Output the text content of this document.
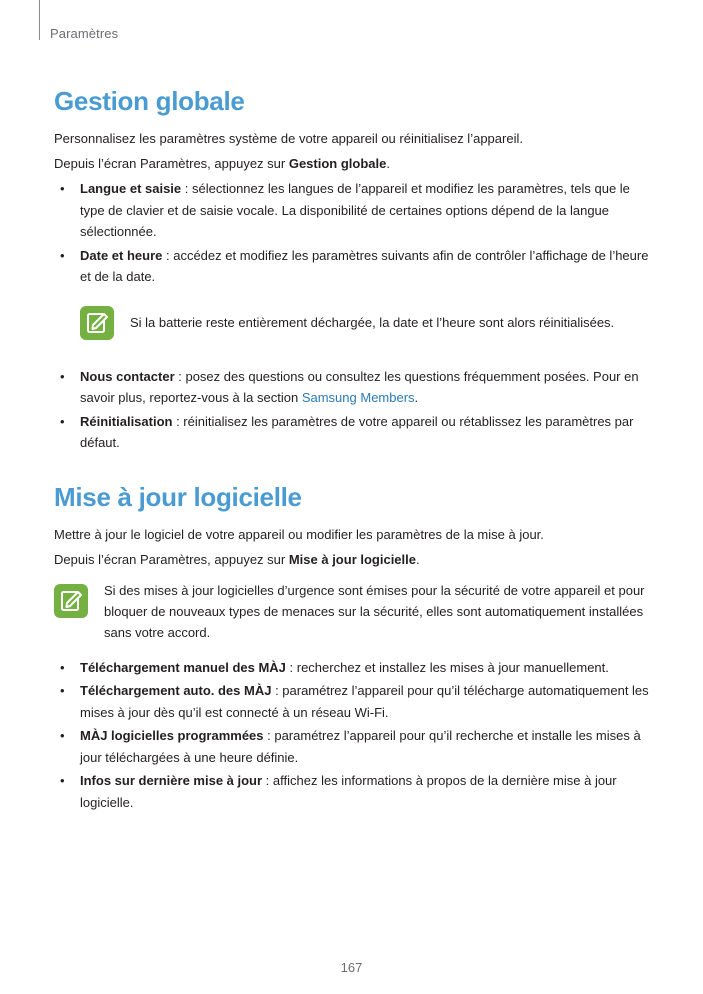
Paramètres
Gestion globale

Personnalisez les paramètres système de votre appareil ou réinitialisez l’appareil.

Depuis l’écran Paramètres, appuyez sur Gestion globale.

• Langue et saisie : sélectionnez les langues de l’appareil et modifiez les paramètres, tels que le type de clavier et de saisie vocale. La disponibilité de certaines options dépend de la langue sélectionnée.
• Date et heure : accédez et modifiez les paramètres suivants afin de contrôler l’affichage de l’heure et de la date.
Si la batterie reste entièrement déchargée, la date et l’heure sont alors réinitialisées.
• Nous contacter : posez des questions ou consultez les questions fréquemment posées. Pour en savoir plus, reportez-vous à la section Samsung Members.
• Réinitialisation : réinitialisez les paramètres de votre appareil ou rétablissez les paramètres par défaut.
Mise à jour logicielle

Mettre à jour le logiciel de votre appareil ou modifier les paramètres de la mise à jour.

Depuis l’écran Paramètres, appuyez sur Mise à jour logicielle.

Si des mises à jour logicielles d’urgence sont émises pour la sécurité de votre appareil et pour bloquer de nouveaux types de menaces sur la sécurité, elles sont automatiquement installées sans votre accord.
• Téléchargement manuel des MÀJ : recherchez et installez les mises à jour manuellement.
• Téléchargement auto. des MÀJ : paramétrez l’appareil pour qu’il télécharge automatiquement les mises à jour dès qu’il est connecté à un réseau Wi-Fi.
• MÀJ logicielles programmées : paramétrez l’appareil pour qu’il recherche et installe les mises à jour téléchargées à une heure définie.
• Infos sur dernière mise à jour : affichez les informations à propos de la dernière mise à jour logicielle.
167
